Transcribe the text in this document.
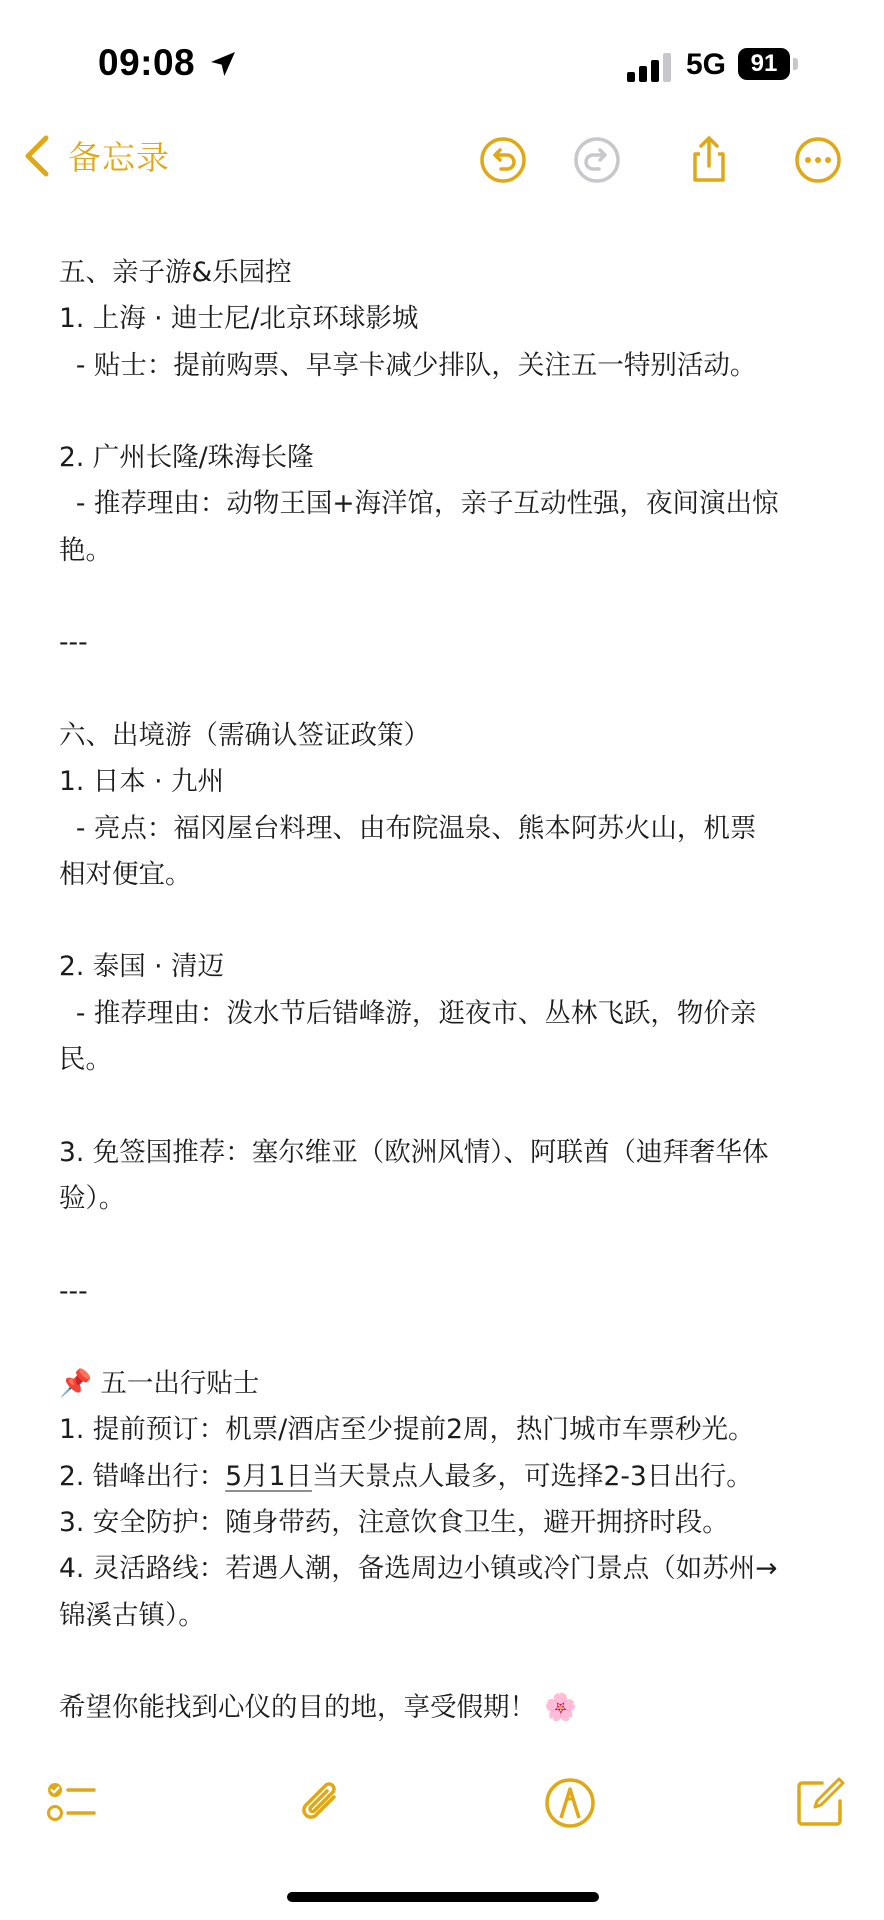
09:08	5G 91
备忘录
五、亲子游&乐园控
1. 上海 · 迪士尼/北京环球影城
- 贴士：提前购票、早享卡减少排队，关注五一特别活动。
2. 广州长隆/珠海长隆
- 推荐理由：动物王国+海洋馆，亲子互动性强，夜间演出惊
艳。
---
六、出境游（需确认签证政策）
1. 日本 · 九州
- 亮点：福冈屋台料理、由布院温泉、熊本阿苏火山，机票
相对便宜。
2. 泰国 · 清迈
- 推荐理由：泼水节后错峰游，逛夜市、丛林飞跃，物价亲
民。
3. 免签国推荐：塞尔维亚（欧洲风情）、阿联酋（迪拜奢华体
验）。
---
📌 五一出行贴士
1. 提前预订：机票/酒店至少提前2周，热门城市车票秒光。
2. 错峰出行：5月1日当天景点人最多，可选择2-3日出行。
3. 安全防护：随身带药，注意饮食卫生，避开拥挤时段。
4. 灵活路线：若遇人潮，备选周边小镇或冷门景点（如苏州→
锦溪古镇）。
希望你能找到心仪的目的地，享受假期！ 🌸
